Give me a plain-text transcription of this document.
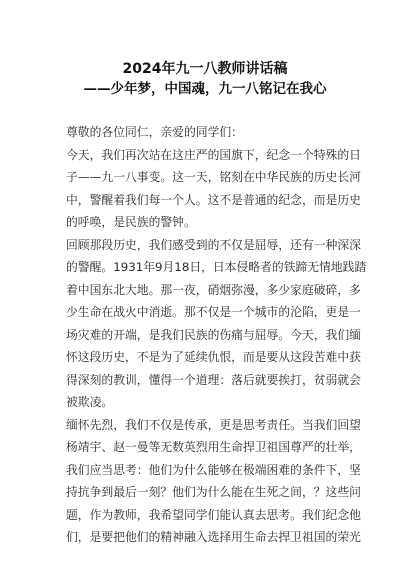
2024年九一八教师讲话稿
——少年梦，中国魂，九一八铭记在我心
尊敬的各位同仁，亲爱的同学们：
今天，我们再次站在这庄严的国旗下，纪念一个特殊的日
子——九一八事变。这一天，铭刻在中华民族的历史长河
中，警醒着我们每一个人。这不是普通的纪念，而是历史
的呼唤，是民族的警钟。
回顾那段历史，我们感受到的不仅是屈辱，还有一种深深
的警醒。1931年9月18日，日本侵略者的铁蹄无情地践踏
着中国东北大地。那一夜，硝烟弥漫，多少家庭破碎，多
少生命在战火中消逝。那不仅是一个城市的沦陷，更是一
场灾难的开端，是我们民族的伤痛与屈辱。今天，我们缅
怀这段历史，不是为了延续仇恨，而是要从这段苦难中获
得深刻的教训，懂得一个道理：落后就要挨打，贫弱就会
被欺凌。
缅怀先烈，我们不仅是传承，更是思考责任。当我们回望
杨靖宇、赵一曼等无数英烈用生命捍卫祖国尊严的壮举，
我们应当思考：他们为什么能够在极端困难的条件下，坚
持抗争到最后一刻？他们为什么能在生死之间，？这些问
题，作为教师，我希望同学们能认真去思考。我们纪念他
们，是要把他们的精神融入选择用生命去捍卫祖国的荣光
